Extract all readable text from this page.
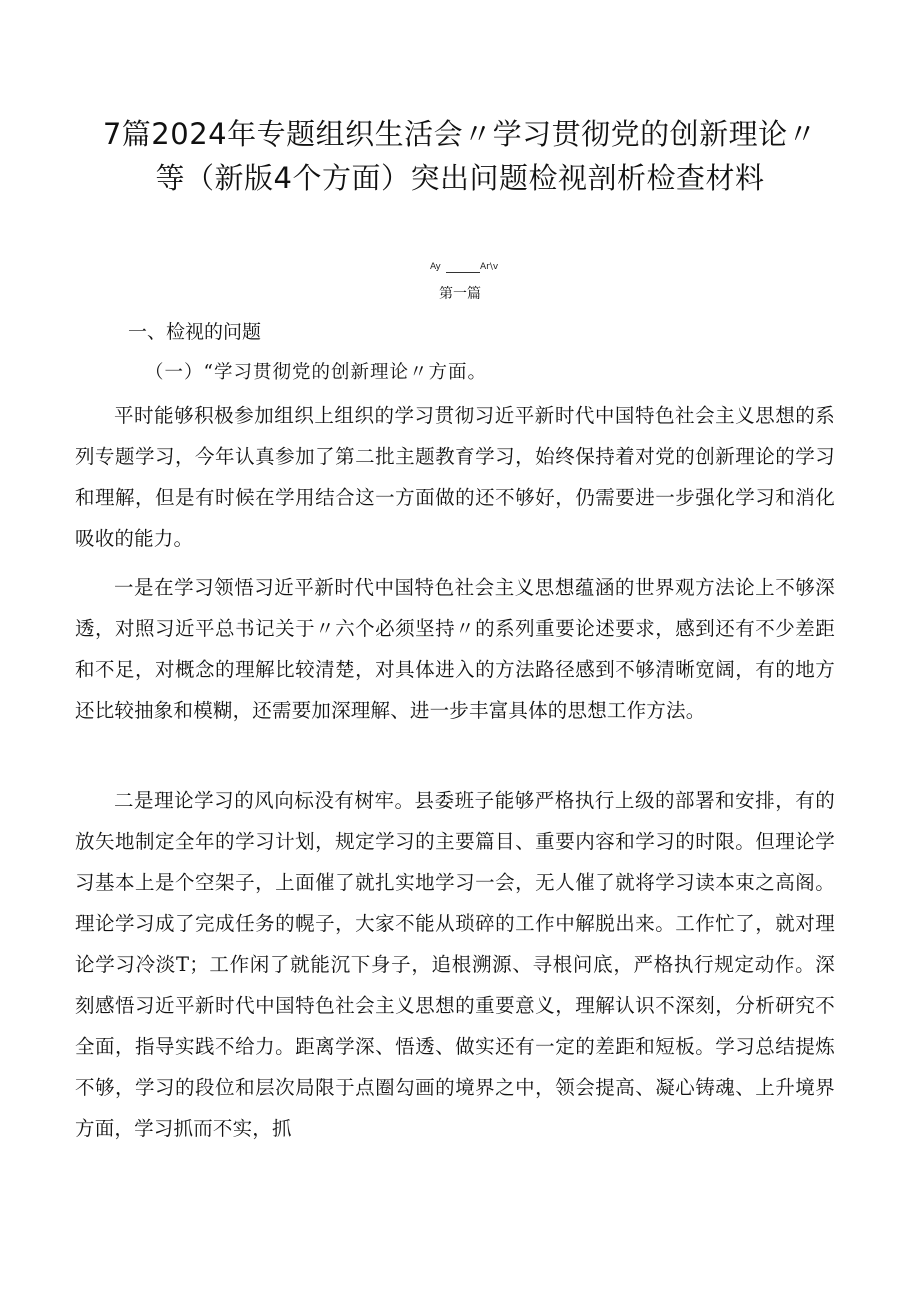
7篇2024年专题组织生活会〃学习贯彻党的创新理论〃
等（新版4个方面）突出问题检视剖析检查材料
Ay	Ar\v
第一篇
一、检视的问题
（一）“学习贯彻党的创新理论〃方面。
平时能够积极参加组织上组织的学习贯彻习近平新时代中国特色社会主义思想的系列专题学习，今年认真参加了第二批主题教育学习，始终保持着对党的创新理论的学习和理解，但是有时候在学用结合这一方面做的还不够好，仍需要进一步强化学习和消化吸收的能力。
一是在学习领悟习近平新时代中国特色社会主义思想蕴涵的世界观方法论上不够深透，对照习近平总书记关于〃六个必须坚持〃的系列重要论述要求，感到还有不少差距和不足，对概念的理解比较清楚，对具体进入的方法路径感到不够清晰宽阔，有的地方还比较抽象和模糊，还需要加深理解、进一步丰富具体的思想工作方法。
二是理论学习的风向标没有树牢。县委班子能够严格执行上级的部署和安排，有的放矢地制定全年的学习计划，规定学习的主要篇目、重要内容和学习的时限。但理论学习基本上是个空架子，上面催了就扎实地学习一会，无人催了就将学习读本束之高阁。理论学习成了完成任务的幌子，大家不能从琐碎的工作中解脱出来。工作忙了，就对理论学习冷淡T；工作闲了就能沉下身子，追根溯源、寻根问底，严格执行规定动作。深刻感悟习近平新时代中国特色社会主义思想的重要意义，理解认识不深刻，分析研究不全面，指导实践不给力。距离学深、悟透、做实还有一定的差距和短板。学习总结提炼不够，学习的段位和层次局限于点圈勾画的境界之中，领会提高、凝心铸魂、上升境界方面，学习抓而不实，抓
